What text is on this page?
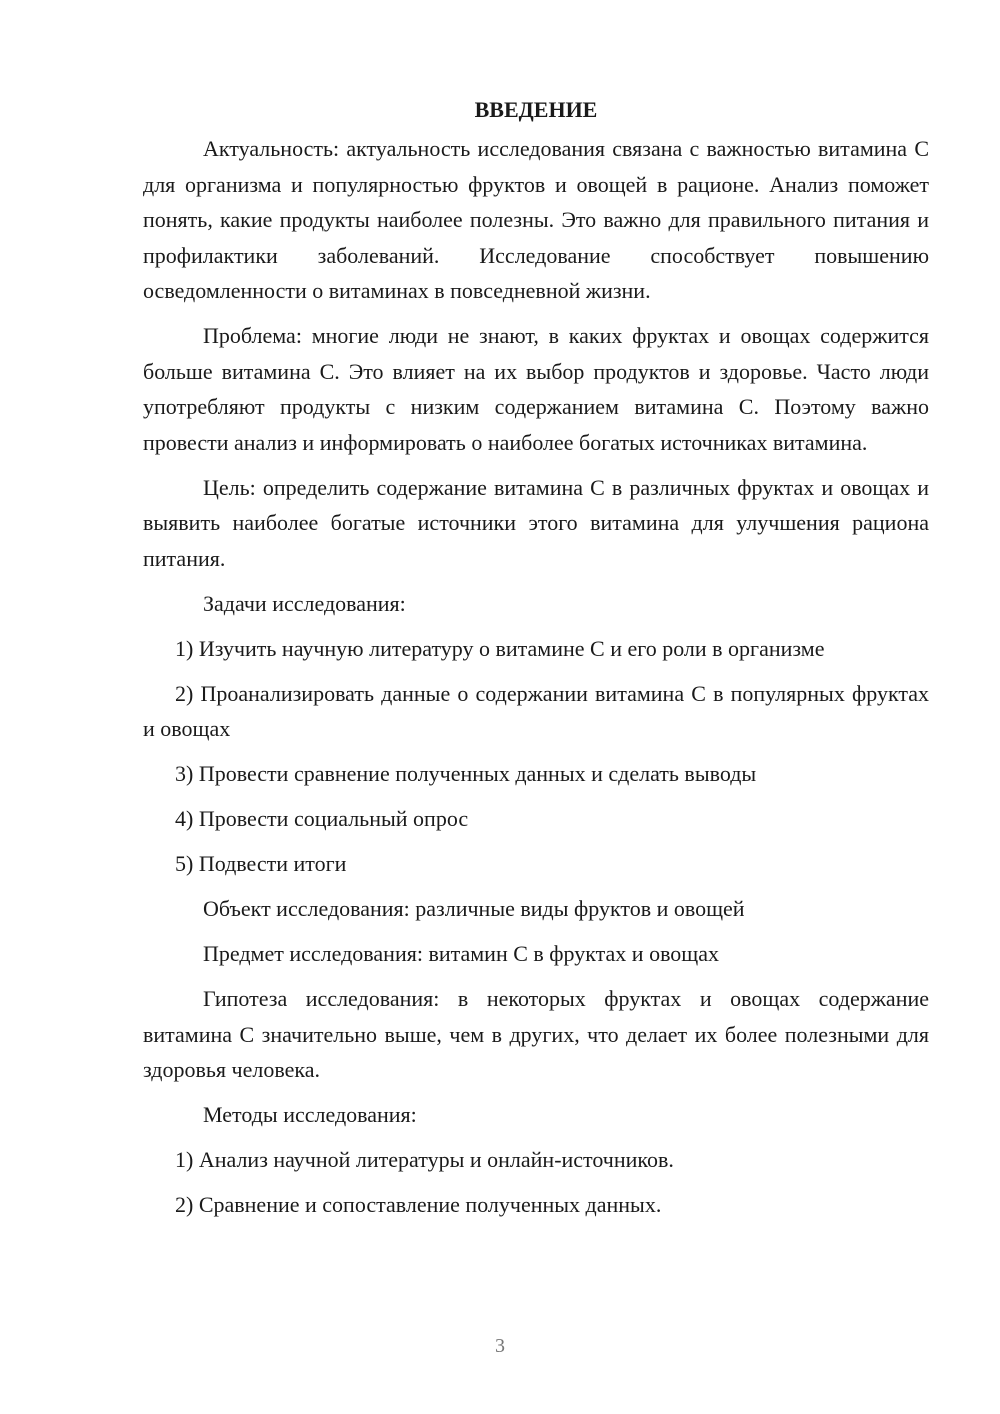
ВВЕДЕНИЕ

Актуальность: актуальность исследования связана с важностью витамина С для организма и популярностью фруктов и овощей в рационе. Анализ поможет понять, какие продукты наиболее полезны. Это важно для правильного питания и профилактики заболеваний. Исследование способствует повышению осведомленности о витаминах в повседневной жизни.

Проблема: многие люди не знают, в каких фруктах и овощах содержится больше витамина С. Это влияет на их выбор продуктов и здоровье. Часто люди употребляют продукты с низким содержанием витамина С. Поэтому важно провести анализ и информировать о наиболее богатых источниках витамина.

Цель: определить содержание витамина С в различных фруктах и овощах и выявить наиболее богатые источники этого витамина для улучшения рациона питания.

Задачи исследования:

1) Изучить научную литературу о витамине С и его роли в организме

2) Проанализировать данные о содержании витамина С в популярных фруктах и овощах

3) Провести сравнение полученных данных и сделать выводы

4) Провести социальный опрос

5) Подвести итоги

Объект исследования: различные виды фруктов и овощей

Предмет исследования: витамин С в фруктах и овощах

Гипотеза исследования: в некоторых фруктах и овощах содержание витамина С значительно выше, чем в других, что делает их более полезными для здоровья человека.

Методы исследования:

1) Анализ научной литературы и онлайн-источников.

2) Сравнение и сопоставление полученных данных.

3
